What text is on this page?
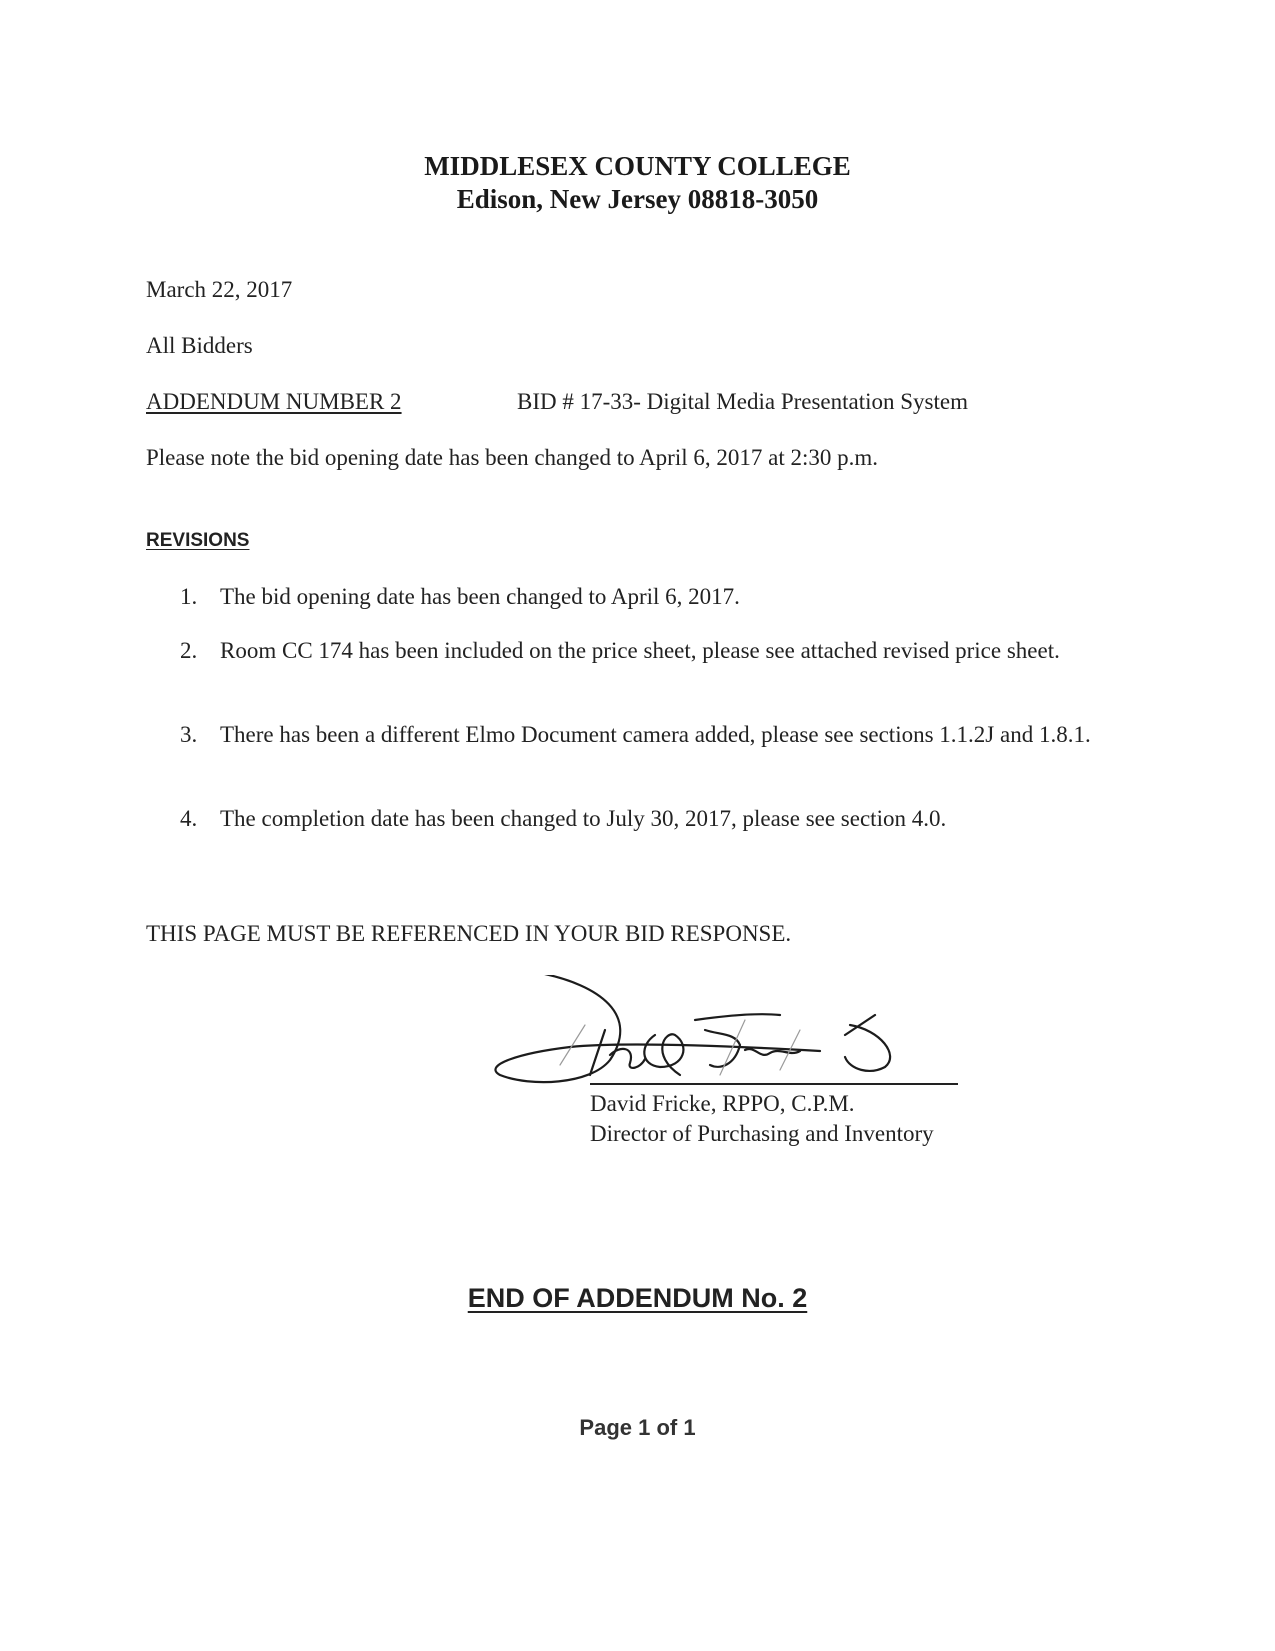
MIDDLESEX COUNTY COLLEGE
Edison, New Jersey 08818-3050
March 22, 2017
All Bidders
ADDENDUM NUMBER 2	BID # 17-33- Digital Media Presentation System
Please note the bid opening date has been changed to April 6, 2017 at 2:30 p.m.
REVISIONS
1. The bid opening date has been changed to April 6, 2017.
2. Room CC 174 has been included on the price sheet, please see attached revised price sheet.
3. There has been a different Elmo Document camera added, please see sections 1.1.2J and 1.8.1.
4. The completion date has been changed to July 30, 2017, please see section 4.0.
THIS PAGE MUST BE REFERENCED IN YOUR BID RESPONSE.
David Fricke, RPPO, C.P.M.
Director of Purchasing and Inventory
END OF ADDENDUM No. 2
Page 1 of 1
